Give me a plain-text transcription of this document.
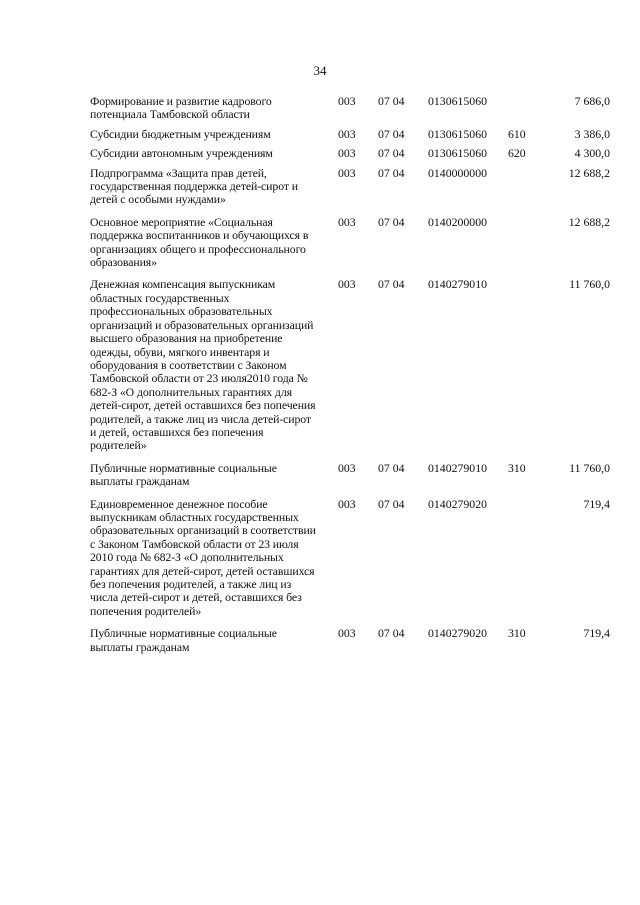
34
Формирование и развитие кадрового потенциала Тамбовской области
003 07 04 0130615060	7 686,0
Субсидии бюджетным учреждениям	003 07 04 0130615060 610	3 386,0
Субсидии автономным учреждениям	003 07 04 0130615060 620	4 300,0
Подпрограмма «Защита прав детей, государственная поддержка детей-сирот и детей с особыми нуждами»
003 07 04 0140000000	12 688,2
Основное мероприятие «Социальная поддержка воспитанников и обучающихся в организациях общего и профессионального образования»
003 07 04 0140200000	12 688,2
Денежная компенсация выпускникам областных государственных профессиональных образовательных организаций и образовательных организаций высшего образования на приобретение одежды, обуви, мягкого инвентаря и оборудования в соответствии с Законом Тамбовской области от 23 июля2010 года № 682-З «О дополнительных гарантиях для детей-сирот, детей оставшихся без попечения родителей, а также лиц из числа детей-сирот и детей, оставшихся без попечения родителей»
003 07 04 0140279010	11 760,0
Публичные нормативные социальные выплаты гражданам
003 07 04 0140279010 310	11 760,0
Единовременное денежное пособие выпускникам областных государственных образовательных организаций в соответствии с Законом Тамбовской области от 23 июля 2010 года № 682-З «О дополнительных гарантиях для детей-сирот, детей оставшихся без попечения родителей, а также лиц из числа детей-сирот и детей, оставшихся без попечения родителей»
003 07 04 0140279020	719,4
Публичные нормативные социальные выплаты гражданам
003 07 04 0140279020 310	719,4
